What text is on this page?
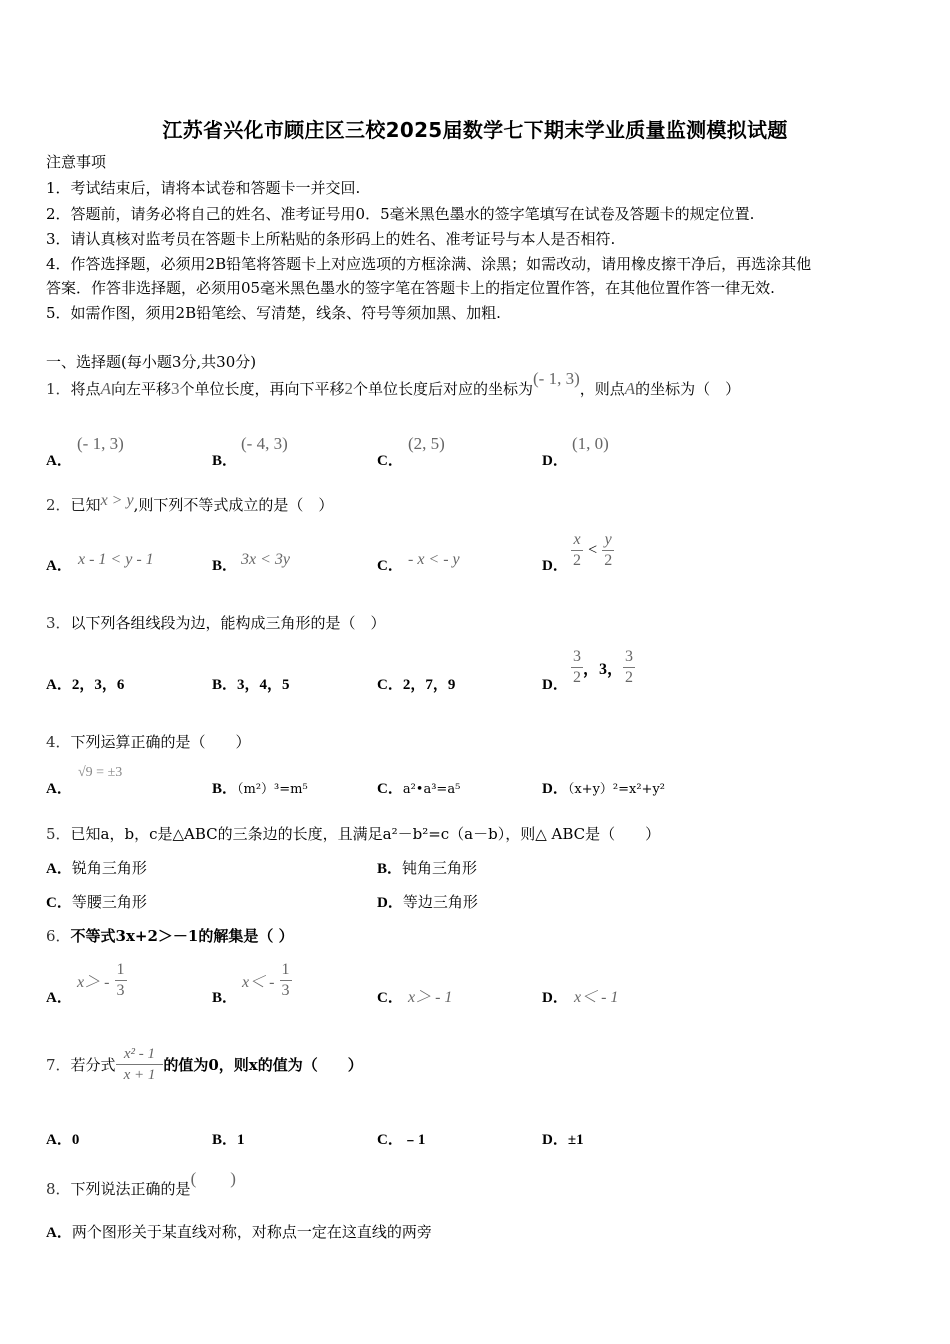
江苏省兴化市顾庄区三校2025届数学七下期末学业质量监测模拟试题
注意事项
1．考试结束后，请将本试卷和答题卡一并交回.
2．答题前，请务必将自己的姓名、准考证号用0．5毫米黑色墨水的签字笔填写在试卷及答题卡的规定位置.
3．请认真核对监考员在答题卡上所粘贴的条形码上的姓名、准考证号与本人是否相符.
4．作答选择题，必须用2B铅笔将答题卡上对应选项的方框涂满、涂黑；如需改动，请用橡皮擦干净后，再选涂其他
答案．作答非选择题，必须用05毫米黑色墨水的签字笔在答题卡上的指定位置作答，在其他位置作答一律无效.
5．如需作图，须用2B铅笔绘、写清楚，线条、符号等须加黑、加粗.
一、选择题(每小题3分,共30分)
1．将点A向左平移3个单位长度，再向下平移2个单位长度后对应的坐标为(- 1, 3)，则点A的坐标为（　）
A．
(- 1, 3)
B．
(- 4, 3)
C．
(2, 5)
D．
(1, 0)
2．已知x > y,则下列不等式成立的是（　）
A． x - 1 < y - 1	B． 3x < 3y	C． - x < - y	D． $\frac{x}{2} < \frac{y}{2}$
3．以下列各组线段为边，能构成三角形的是（　）
A．2，3，6	B．3，4，5	C．2，7，9	D． $\frac{3}{2}$ ，3， $\frac{3}{2}$
4．下列运算正确的是（　　）
A．
√9 = ±3
B．（m²）³=m⁵	C．a²•a³=a⁵	D．（x+y）²=x²+y²
5．已知a，b，c是△ABC的三条边的长度，且满足a²－b²=c（a－b），则△ ABC是（　　）
A．锐角三角形	B．钝角三角形
C．等腰三角形	D．等边三角形
6．不等式3x+2＞－1的解集是（ ）
A．
$x> - \frac{1}{3}$	B．
$x< - \frac{1}{3}$	C． x＞ - 1	D． x＜ - 1
7．若分式 $\frac{\text{x² - 1}}{x + 1}$ 的值为0，则x的值为（　　）
A．0	B．1	C．﹣1	D．±1
8．下列说法正确的是(　　)
A．两个图形关于某直线对称，对称点一定在这直线的两旁
